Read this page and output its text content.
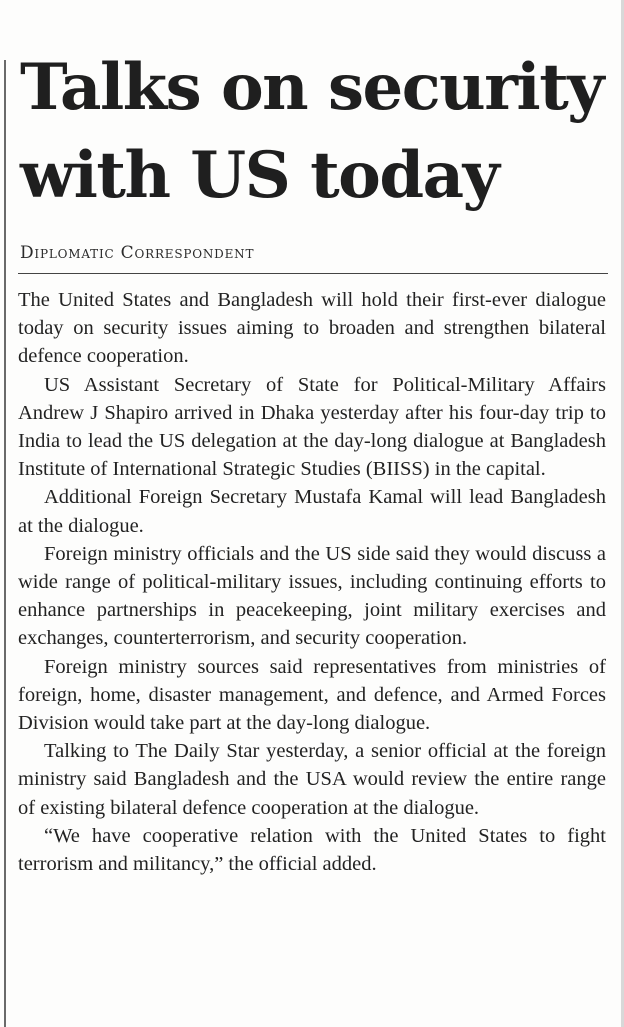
Talks on security
with US today
Diplomatic Correspondent

The United States and Bangladesh will hold their first-ever dialogue today on security issues aiming to broaden and strengthen bilateral defence cooperation.

US Assistant Secretary of State for Political-Military Affairs Andrew J Shapiro arrived in Dhaka yesterday after his four-day trip to India to lead the US delegation at the day-long dialogue at Bangladesh Institute of International Strategic Studies (BIISS) in the capital.

Additional Foreign Secretary Mustafa Kamal will lead Bangladesh at the dialogue.

Foreign ministry officials and the US side said they would discuss a wide range of political-military issues, including continuing efforts to enhance partnerships in peacekeeping, joint military exercises and exchanges, counterterrorism, and security cooperation.

Foreign ministry sources said representatives from ministries of foreign, home, disaster management, and defence, and Armed Forces Division would take part at the day-long dialogue.

Talking to The Daily Star yesterday, a senior official at the foreign ministry said Bangladesh and the USA would review the entire range of existing bilateral defence cooperation at the dialogue.

“We have cooperative relation with the United States to fight terrorism and militancy,” the official added.
